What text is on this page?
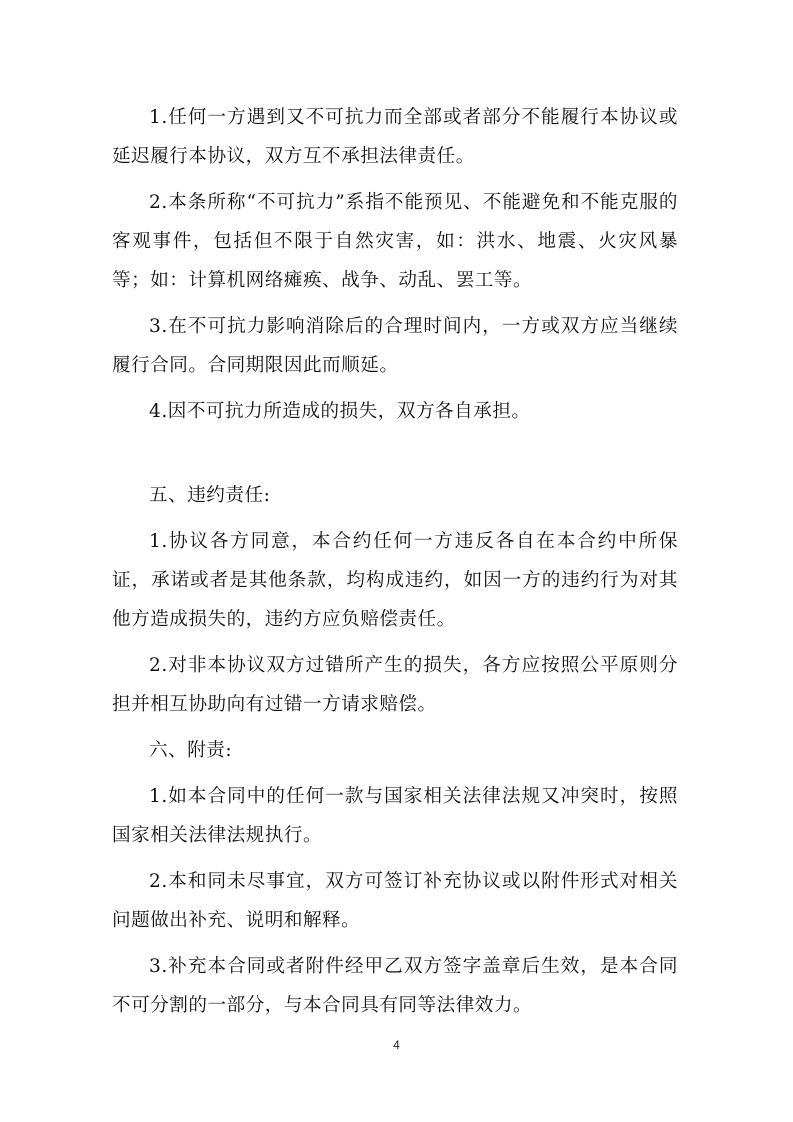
1.任何一方遇到又不可抗力而全部或者部分不能履行本协议或延迟履行本协议，双方互不承担法律责任。

2.本条所称“不可抗力”系指不能预见、不能避免和不能克服的客观事件，包括但不限于自然灾害，如：洪水、地震、火灾风暴等；如：计算机网络瘫痪、战争、动乱、罢工等。

3.在不可抗力影响消除后的合理时间内，一方或双方应当继续履行合同。合同期限因此而顺延。

4.因不可抗力所造成的损失，双方各自承担。

五、违约责任:

1.协议各方同意，本合约任何一方违反各自在本合约中所保证，承诺或者是其他条款，均构成违约，如因一方的违约行为对其他方造成损失的，违约方应负赔偿责任。

2.对非本协议双方过错所产生的损失，各方应按照公平原则分担并相互协助向有过错一方请求赔偿。

六、附责:

1.如本合同中的任何一款与国家相关法律法规又冲突时，按照国家相关法律法规执行。

2.本和同未尽事宜，双方可签订补充协议或以附件形式对相关问题做出补充、说明和解释。

3.补充本合同或者附件经甲乙双方签字盖章后生效，是本合同不可分割的一部分，与本合同具有同等法律效力。

4
